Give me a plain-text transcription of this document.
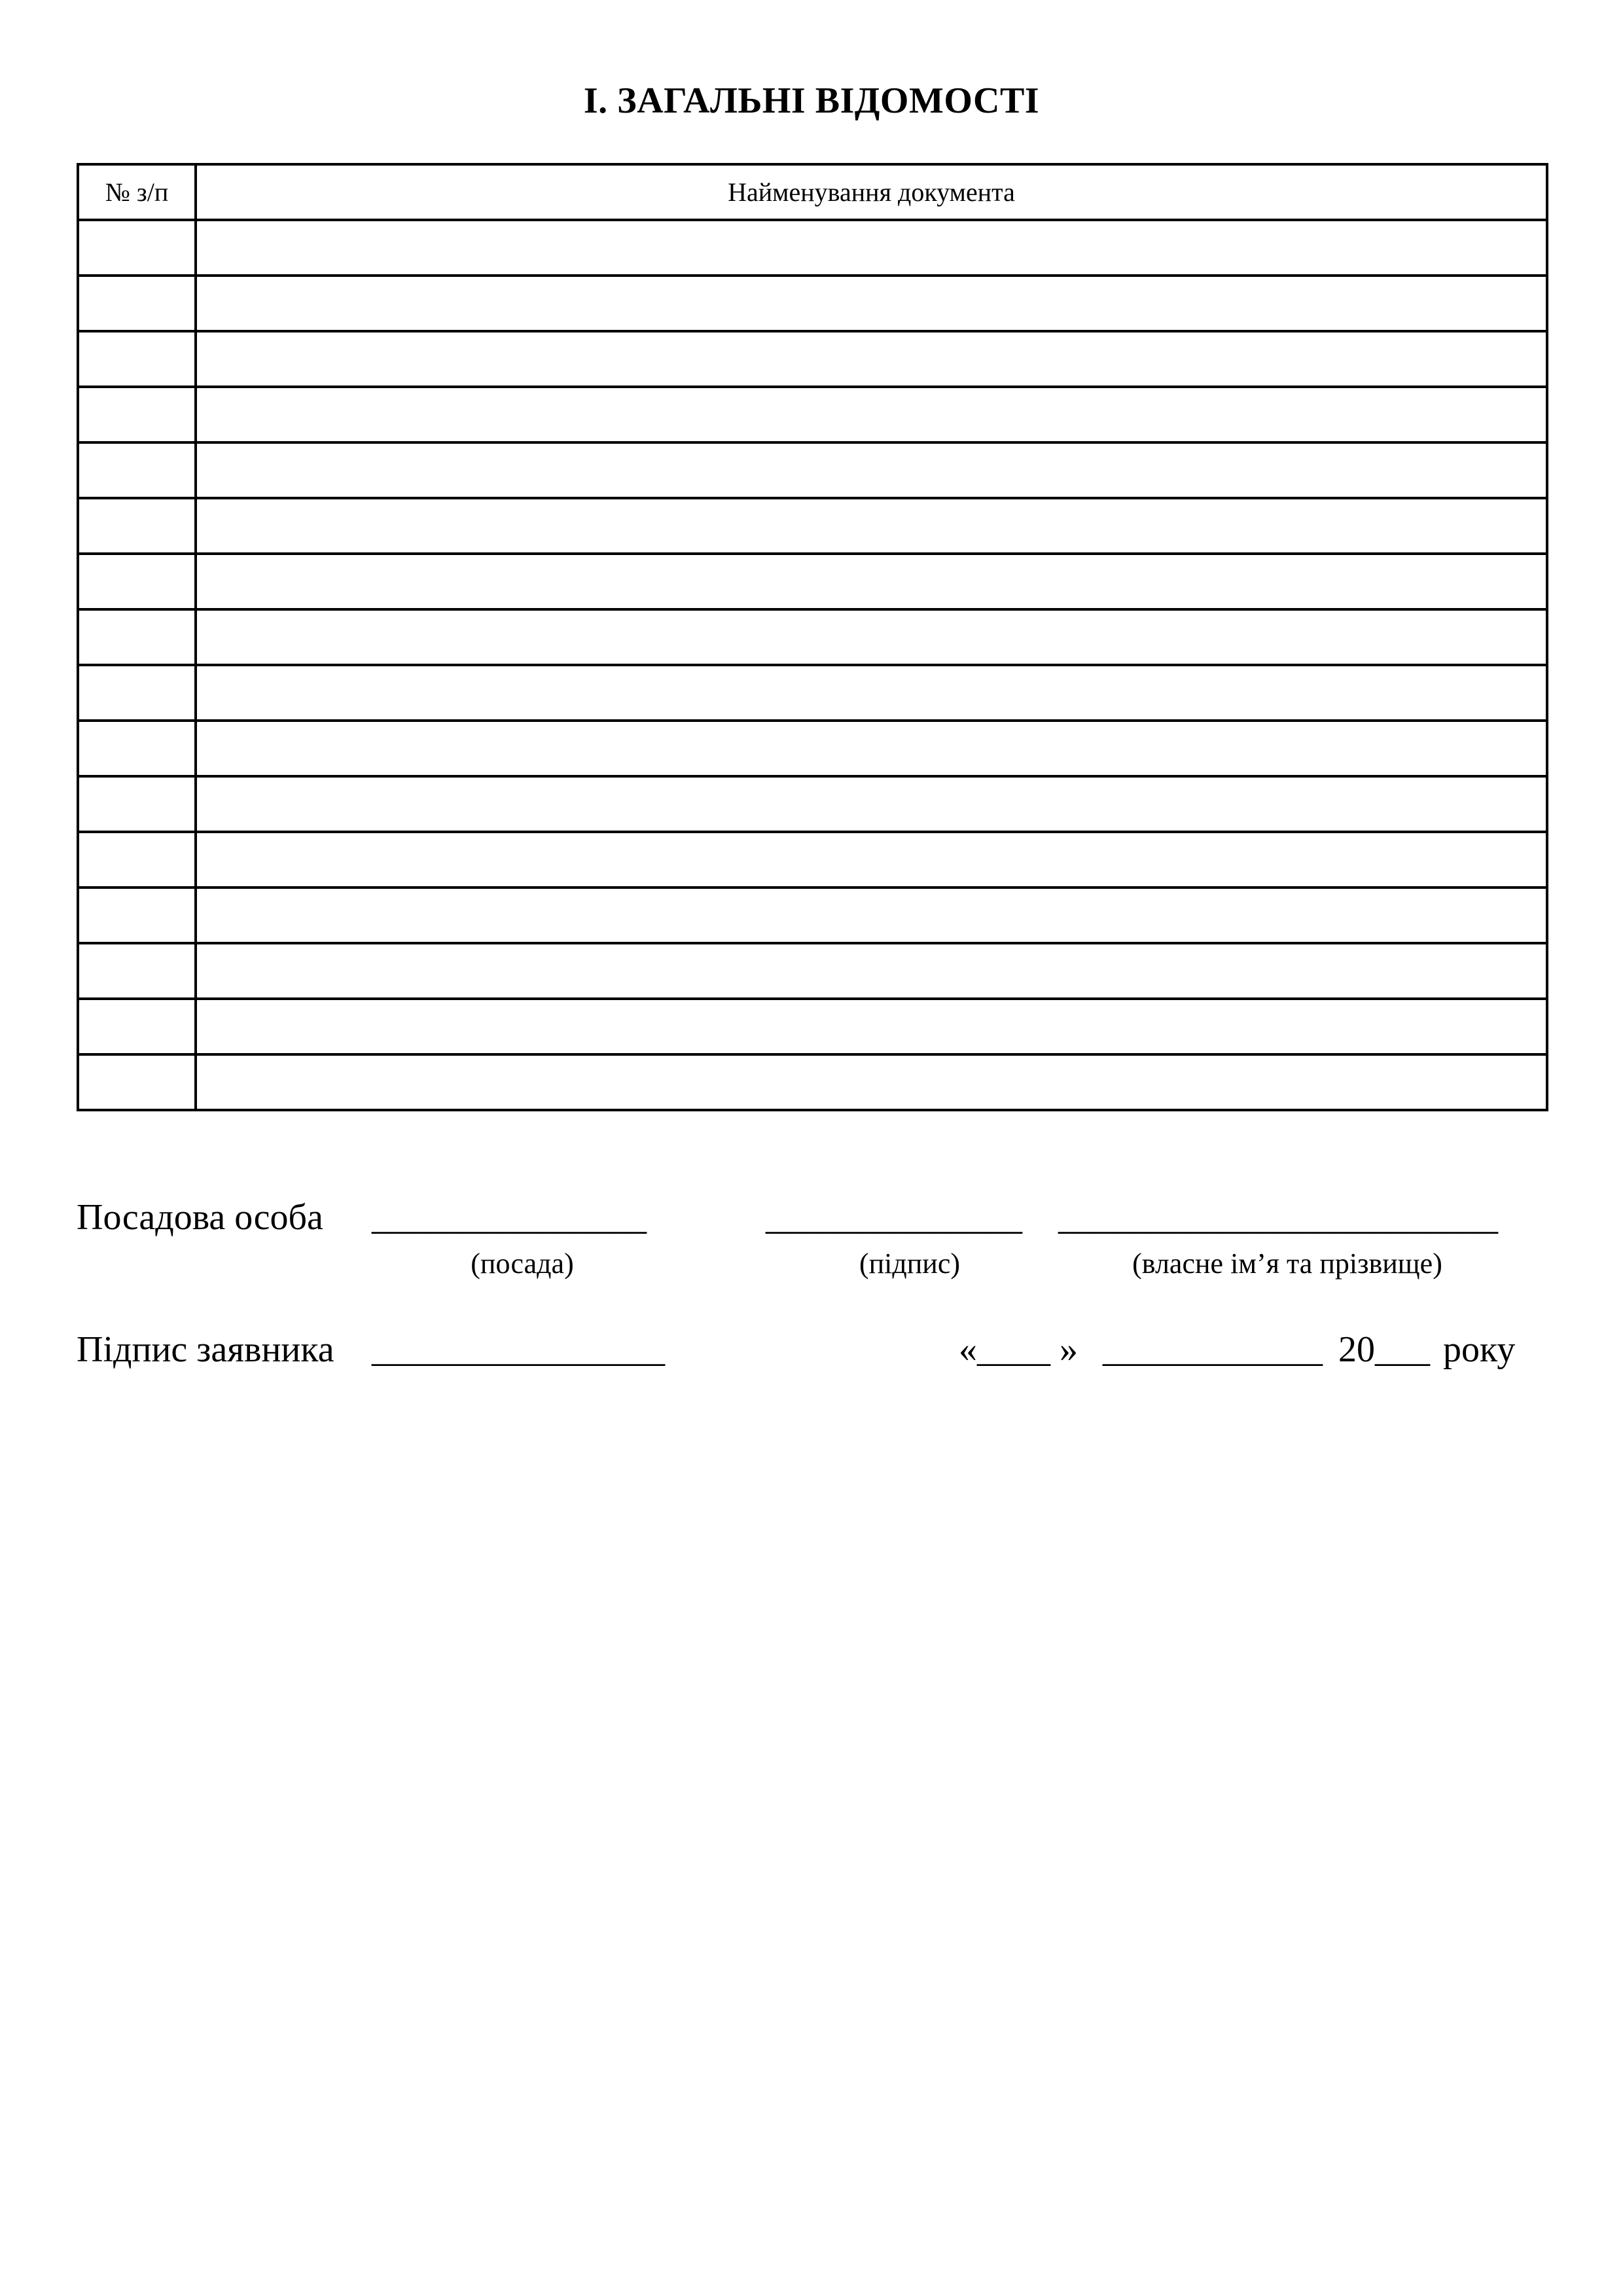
І. ЗАГАЛЬНІ ВІДОМОСТІ
№ з/п	Найменування документа

Посадова особа _______________	______________ ________________________
(посада)	(підпис)	(власне ім’я та прізвище)
Підпис заявника ________________	«____ » ____________ 20___ року
